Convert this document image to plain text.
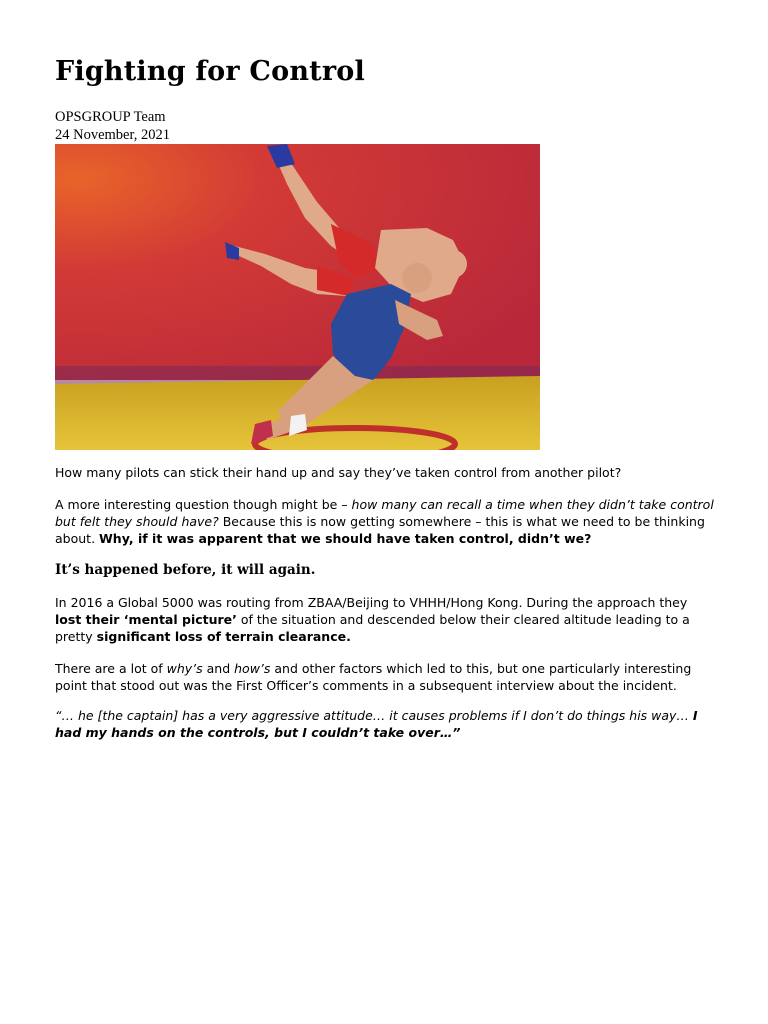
Fighting for Control
OPSGROUP Team
24 November, 2021

How many pilots can stick their hand up and say they’ve taken control from another pilot?

A more interesting question though might be – how many can recall a time when they didn’t take control but felt they should have? Because this is now getting somewhere – this is what we need to be thinking about. Why, if it was apparent that we should have taken control, didn’t we?

It’s happened before, it will again.

In 2016 a Global 5000 was routing from ZBAA/Beijing to VHHH/Hong Kong. During the approach they lost their ‘mental picture’ of the situation and descended below their cleared altitude leading to a pretty significant loss of terrain clearance.

There are a lot of why’s and how’s and other factors which led to this, but one particularly interesting point that stood out was the First Officer’s comments in a subsequent interview about the incident.

“… he [the captain] has a very aggressive attitude… it causes problems if I don’t do things his way… I had my hands on the controls, but I couldn’t take over…”
